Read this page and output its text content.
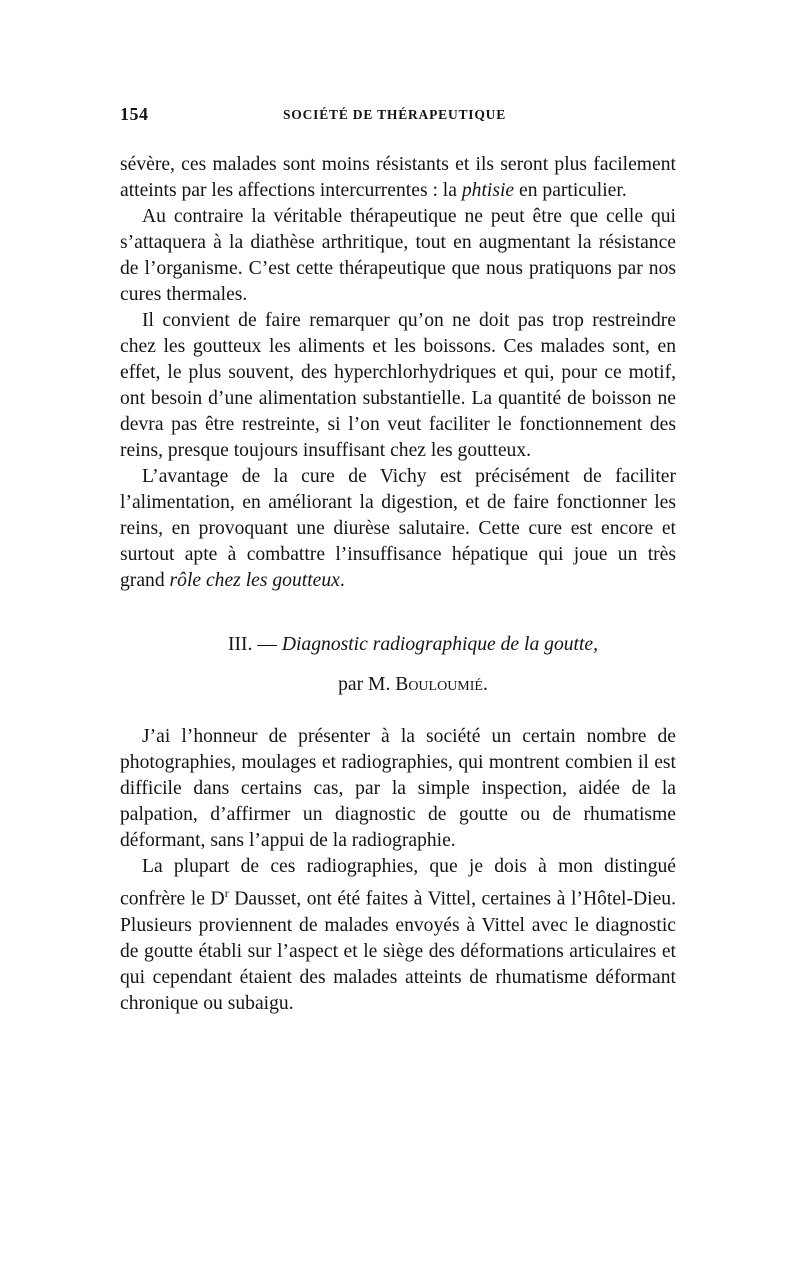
154	SOCIÉTÉ DE THÉRAPEUTIQUE

sévère, ces malades sont moins résistants et ils seront plus facilement atteints par les affections intercurrentes : la phtisie en particulier.

Au contraire la véritable thérapeutique ne peut être que celle qui s’attaquera à la diathèse arthritique, tout en augmentant la résistance de l’organisme. C’est cette thérapeutique que nous pratiquons par nos cures thermales.

Il convient de faire remarquer qu’on ne doit pas trop restreindre chez les goutteux les aliments et les boissons. Ces malades sont, en effet, le plus souvent, des hyperchlorhydriques et qui, pour ce motif, ont besoin d’une alimentation substantielle. La quantité de boisson ne devra pas être restreinte, si l’on veut faciliter le fonctionnement des reins, presque toujours insuffisant chez les goutteux.

L’avantage de la cure de Vichy est précisément de faciliter l’alimentation, en améliorant la digestion, et de faire fonctionner les reins, en provoquant une diurèse salutaire. Cette cure est encore et surtout apte à combattre l’insuffisance hépatique qui joue un très grand rôle chez les goutteux.

III. — Diagnostic radiographique de la goutte,
par M. Bouloumié.

J’ai l’honneur de présenter à la société un certain nombre de photographies, moulages et radiographies, qui montrent combien il est difficile dans certains cas, par la simple inspection, aidée de la palpation, d’affirmer un diagnostic de goutte ou de rhumatisme déformant, sans l’appui de la radiographie.

La plupart de ces radiographies, que je dois à mon distingué confrère le $D^r$ Dausset, ont été faites à Vittel, certaines à l’Hôtel-Dieu. Plusieurs proviennent de malades envoyés à Vittel avec le diagnostic de goutte établi sur l’aspect et le siège des déformations articulaires et qui cependant étaient des malades atteints de rhumatisme déformant chronique ou subaigu.
